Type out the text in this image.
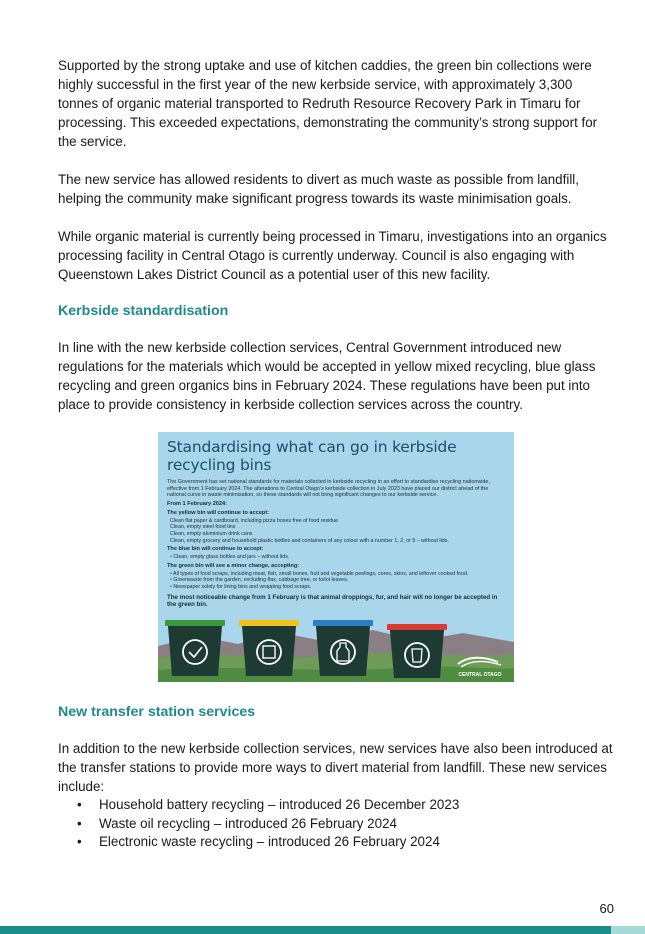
Supported by the strong uptake and use of kitchen caddies, the green bin collections were highly successful in the first year of the new kerbside service, with approximately 3,300 tonnes of organic material transported to Redruth Resource Recovery Park in Timaru for processing. This exceeded expectations, demonstrating the community’s strong support for the service.

The new service has allowed residents to divert as much waste as possible from landfill, helping the community make significant progress towards its waste minimisation goals.

While organic material is currently being processed in Timaru, investigations into an organics processing facility in Central Otago is currently underway. Council is also engaging with Queenstown Lakes District Council as a potential user of this new facility.

Kerbside standardisation

In line with the new kerbside collection services, Central Government introduced new regulations for the materials which would be accepted in yellow mixed recycling, blue glass recycling and green organics bins in February 2024. These regulations have been put into place to provide consistency in kerbside collection services across the country.

Standardising what can go in kerbside recycling bins

The Government has set national standards for materials collected in kerbside recycling in an effort to standardise recycling nationwide, effective from 1 February 2024. The alterations to Central Otago’s kerbside collection in July 2023 have placed our district ahead of the national curve in waste minimisation, so these standards will not bring significant changes to our kerbside service.

From 1 February 2024:

The yellow bin will continue to accept:

Clean flat paper & cardboard, including pizza boxes free of food residue

Clean, empty steel food tins

Clean, empty aluminium drink cans

Clean, empty grocery and household plastic bottles and containers of any colour with a number 1, 2, or 5 – without lids.

The blue bin will continue to accept:

• Clean, empty glass bottles and jars – without lids.

The green bin will see a minor change, accepting:

• All types of food scraps, including meat, fish, small bones, fruit and vegetable peelings, cores, skins, and leftover cooked food.

• Greenwaste from the garden, excluding flax, cabbage tree, or toitoi leaves.

• Newspaper solely for lining bins and wrapping food scraps.

The most noticeable change from 1 February is that animal droppings, fur, and hair will no longer be accepted in the green bin.

CENTRAL OTAGO
New transfer station services

In addition to the new kerbside collection services, new services have also been introduced at the transfer stations to provide more ways to divert material from landfill. These new services include:

• Household battery recycling – introduced 26 December 2023
• Waste oil recycling – introduced 26 February 2024
• Electronic waste recycling – introduced 26 February 2024
60
